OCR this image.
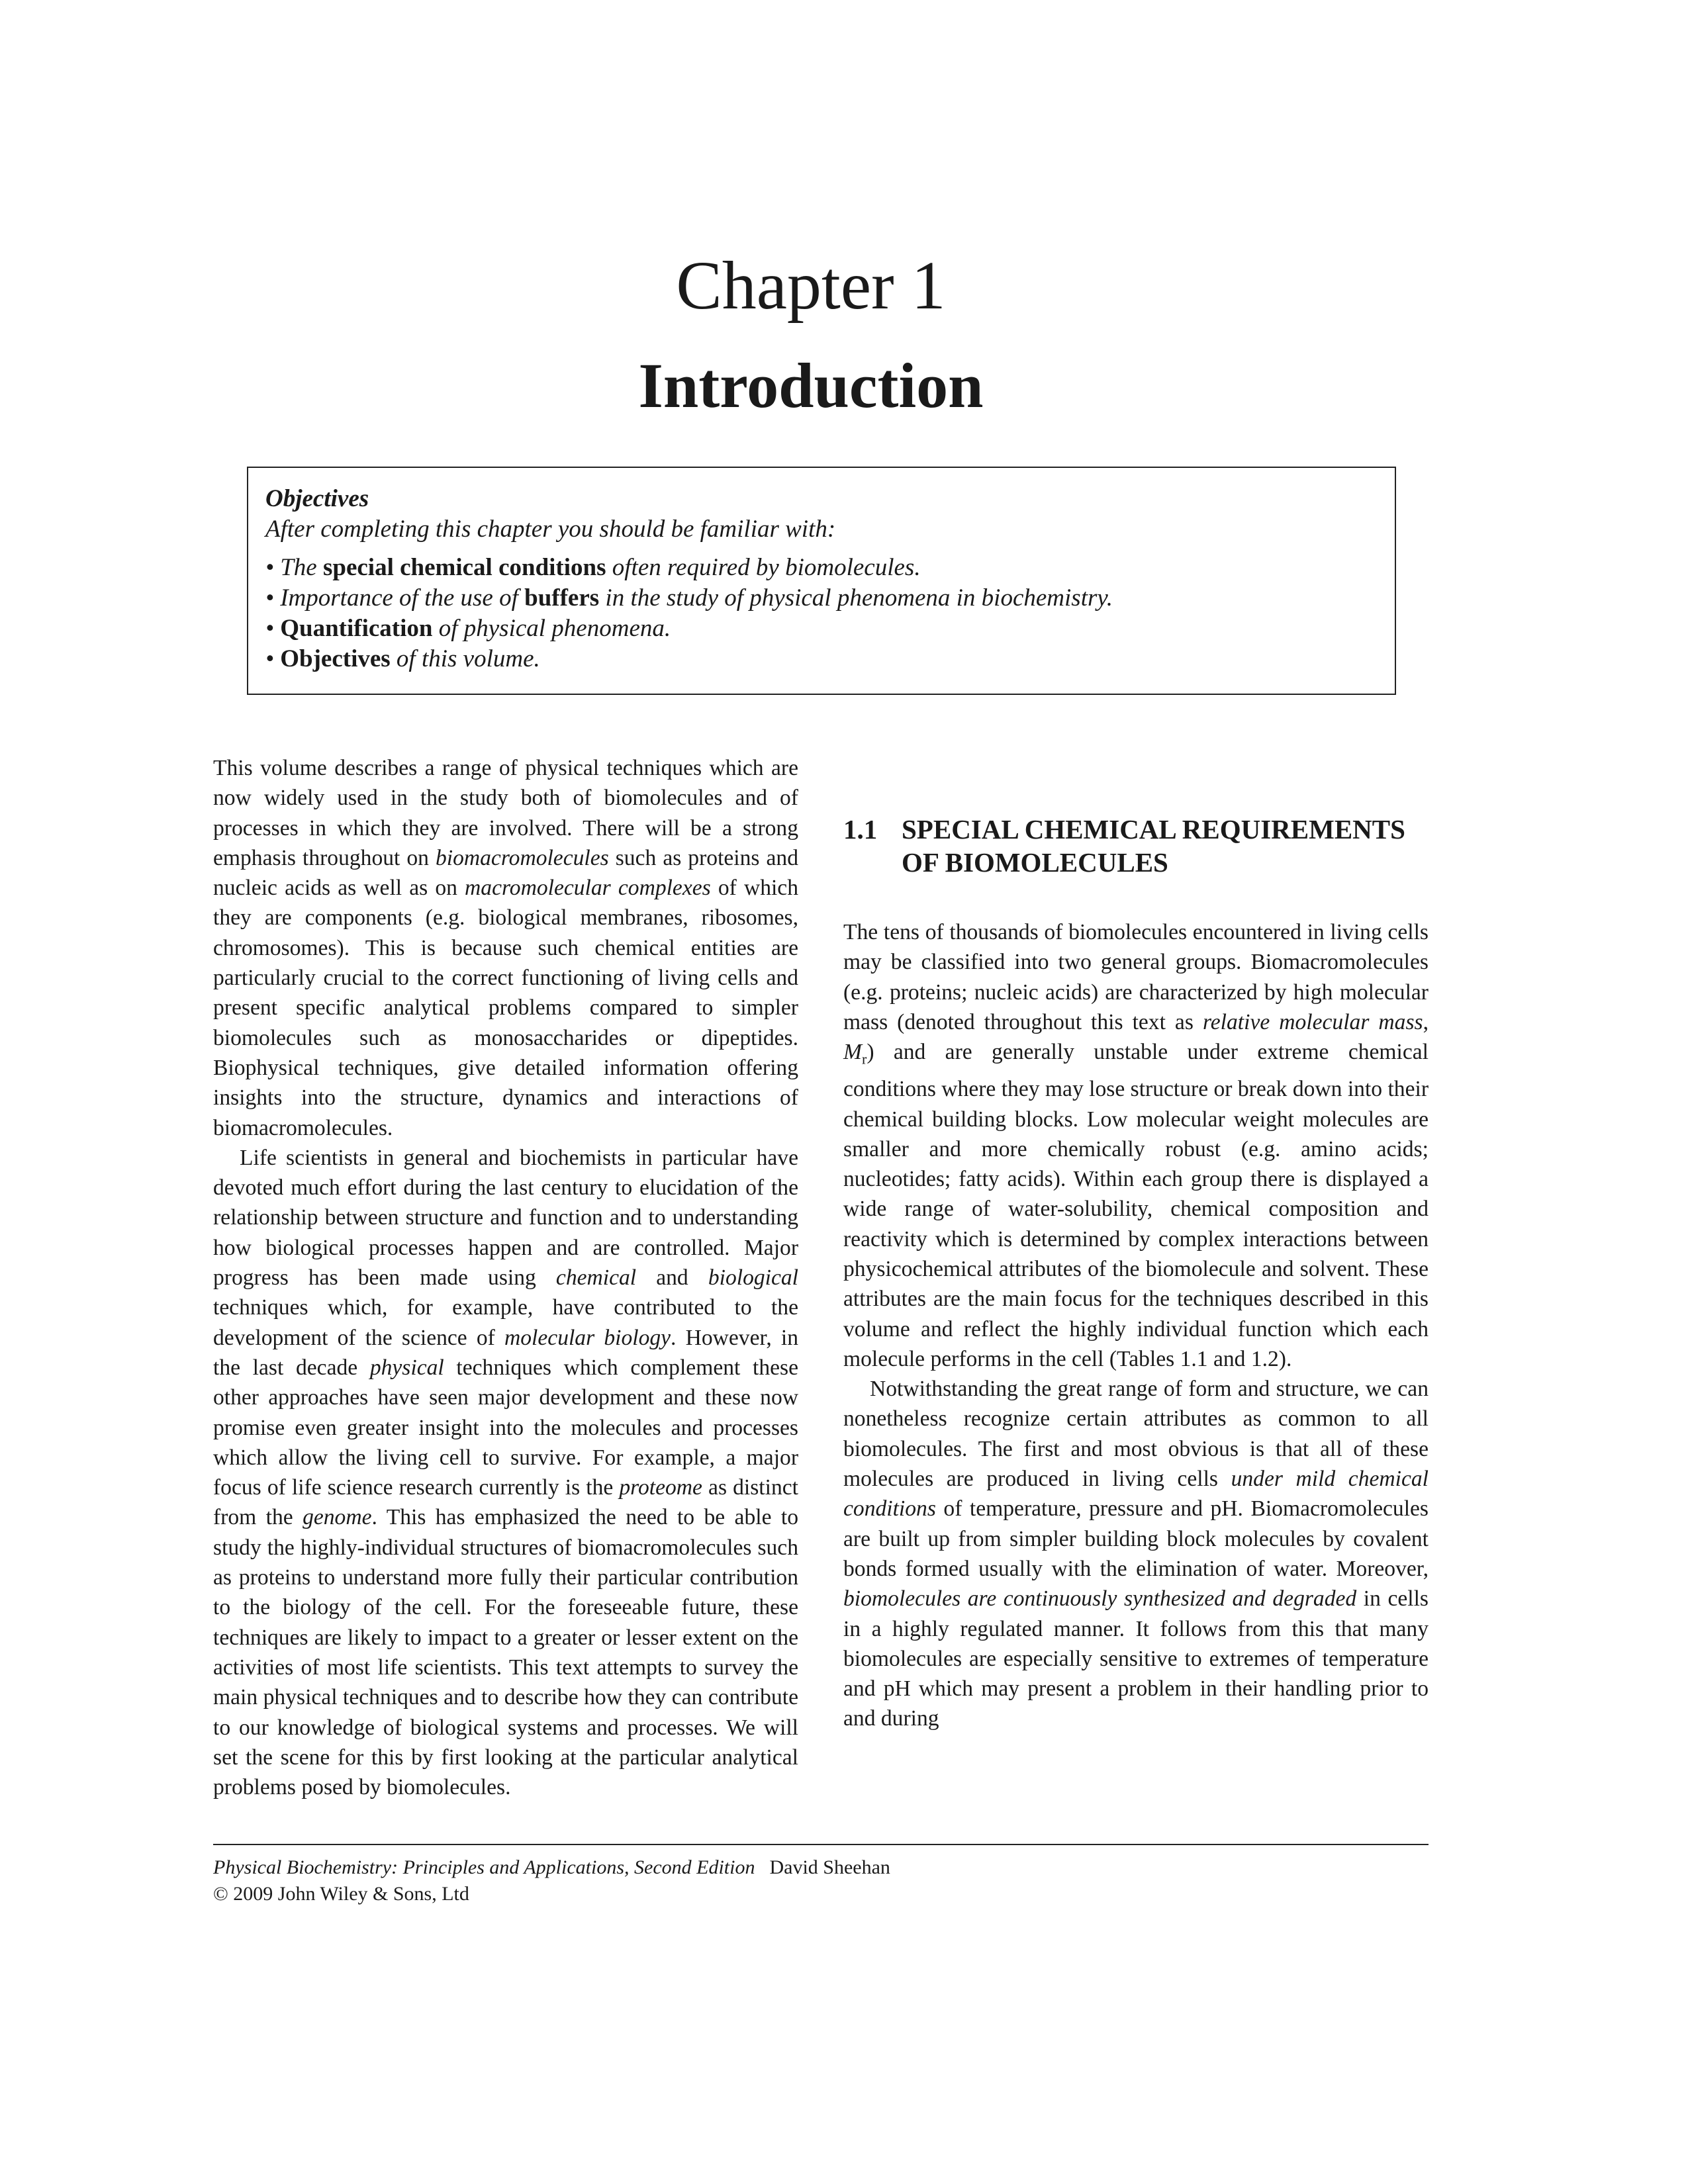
Chapter 1
Introduction
Objectives
After completing this chapter you should be familiar with:
• The special chemical conditions often required by biomolecules.
• Importance of the use of buffers in the study of physical phenomena in biochemistry.
• Quantification of physical phenomena.
• Objectives of this volume.

This volume describes a range of physical techniques which are now widely used in the study both of biomolecules and of processes in which they are involved. There will be a strong emphasis throughout on biomacromolecules such as proteins and nucleic acids as well as on macromolecular complexes of which they are components (e.g. biological membranes, ribosomes, chromosomes). This is because such chemical entities are particularly crucial to the correct functioning of living cells and present specific analytical problems compared to simpler biomolecules such as monosaccharides or dipeptides. Biophysical techniques, give detailed information offering insights into the structure, dynamics and interactions of biomacromolecules.

Life scientists in general and biochemists in particular have devoted much effort during the last century to elucidation of the relationship between structure and function and to understanding how biological processes happen and are controlled. Major progress has been made using chemical and biological techniques which, for example, have contributed to the development of the science of molecular biology. However, in the last decade physical techniques which complement these other approaches have seen major development and these now promise even greater insight into the molecules and processes which allow the living cell to survive. For example, a major focus of life science research currently is the proteome as distinct from the genome. This has emphasized the need to be able to study the highly-individual structures of biomacromolecules such as proteins to understand more fully their particular contribution to the biology of the cell. For the foreseeable future, these techniques are likely to impact to a greater or lesser extent on the activities of most life scientists. This text attempts to survey the main physical techniques and to describe how they can contribute to our knowledge of biological systems and processes. We will set the scene for this by first looking at the particular analytical problems posed by biomolecules.

1.1 SPECIAL CHEMICAL REQUIREMENTS OF BIOMOLECULES

The tens of thousands of biomolecules encountered in living cells may be classified into two general groups. Biomacromolecules (e.g. proteins; nucleic acids) are characterized by high molecular mass (denoted throughout this text as relative molecular mass, $M_r$) and are generally unstable under extreme chemical conditions where they may lose structure or break down into their chemical building blocks. Low molecular weight molecules are smaller and more chemically robust (e.g. amino acids; nucleotides; fatty acids). Within each group there is displayed a wide range of water-solubility, chemical composition and reactivity which is determined by complex interactions between physicochemical attributes of the biomolecule and solvent. These attributes are the main focus for the techniques described in this volume and reflect the highly individual function which each molecule performs in the cell (Tables 1.1 and 1.2).

Notwithstanding the great range of form and structure, we can nonetheless recognize certain attributes as common to all biomolecules. The first and most obvious is that all of these molecules are produced in living cells under mild chemical conditions of temperature, pressure and pH. Biomacromolecules are built up from simpler building block molecules by covalent bonds formed usually with the elimination of water. Moreover, biomolecules are continuously synthesized and degraded in cells in a highly regulated manner. It follows from this that many biomolecules are especially sensitive to extremes of temperature and pH which may present a problem in their handling prior to and during

Physical Biochemistry: Principles and Applications, Second Edition David Sheehan
© 2009 John Wiley & Sons, Ltd
